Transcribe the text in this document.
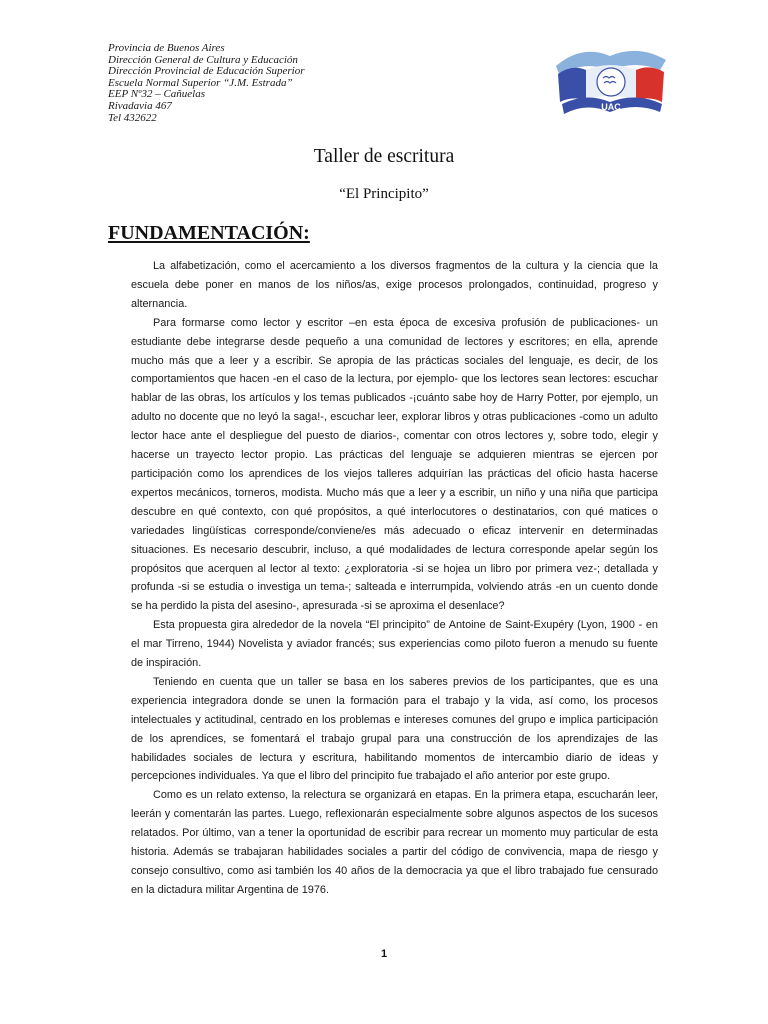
Provincia de Buenos Aires
Dirección General de Cultura y Educación
Dirección Provincial de Educación Superior
Escuela Normal Superior “J.M. Estrada”
EEP Nº32 – Cañuelas
Rivadavia 467
Tel 432622
UAC
Taller de escritura
“El Principito”
FUNDAMENTACIÓN:

La alfabetización, como el acercamiento a los diversos fragmentos de la cultura y la ciencia que la escuela debe poner en manos de los niños/as, exige procesos prolongados, continuidad, progreso y alternancia.

Para formarse como lector y escritor –en esta época de excesiva profusión de publicaciones- un estudiante debe integrarse desde pequeño a una comunidad de lectores y escritores; en ella, aprende mucho más que a leer y a escribir. Se apropia de las prácticas sociales del lenguaje, es decir, de los comportamientos que hacen -en el caso de la lectura, por ejemplo- que los lectores sean lectores: escuchar hablar de las obras, los artículos y los temas publicados -¡cuánto sabe hoy de Harry Potter, por ejemplo, un adulto no docente que no leyó la saga!-, escuchar leer, explorar libros y otras publicaciones -como un adulto lector hace ante el despliegue del puesto de diarios-, comentar con otros lectores y, sobre todo, elegir y hacerse un trayecto lector propio. Las prácticas del lenguaje se adquieren mientras se ejercen por participación como los aprendices de los viejos talleres adquirían las prácticas del oficio hasta hacerse expertos mecánicos, torneros, modista. Mucho más que a leer y a escribir, un niño y una niña que participa descubre en qué contexto, con qué propósitos, a qué interlocutores o destinatarios, con qué matices o variedades lingüísticas corresponde/conviene/es más adecuado o eficaz intervenir en determinadas situaciones. Es necesario descubrir, incluso, a qué modalidades de lectura corresponde apelar según los propósitos que acerquen al lector al texto: ¿exploratoria -si se hojea un libro por primera vez-; detallada y profunda -si se estudia o investiga un tema-; salteada e interrumpida, volviendo atrás -en un cuento donde se ha perdido la pista del asesino-, apresurada -si se aproxima el desenlace?

Esta propuesta gira alrededor de la novela “El principito” de Antoine de Saint-Exupéry (Lyon, 1900 - en el mar Tirreno, 1944) Novelista y aviador francés; sus experiencias como piloto fueron a menudo su fuente de inspiración.

Teniendo en cuenta que un taller se basa en los saberes previos de los participantes, que es una experiencia integradora donde se unen la formación para el trabajo y la vida, así como, los procesos intelectuales y actitudinal, centrado en los problemas e intereses comunes del grupo e implica participación de los aprendices, se fomentará el trabajo grupal para una construcción de los aprendizajes de las habilidades sociales de lectura y escritura, habilitando momentos de intercambio diario de ideas y percepciones individuales. Ya que el libro del principito fue trabajado el año anterior por este grupo.

Como es un relato extenso, la relectura se organizará en etapas. En la primera etapa, escucharán leer, leerán y comentarán las partes. Luego, reflexionarán especialmente sobre algunos aspectos de los sucesos relatados. Por último, van a tener la oportunidad de escribir para recrear un momento muy particular de esta historia. Además se trabajaran habilidades sociales a partir del código de convivencia, mapa de riesgo y consejo consultivo, como asi también los 40 años de la democracia ya que el libro trabajado fue censurado en la dictadura militar Argentina de 1976.

1
